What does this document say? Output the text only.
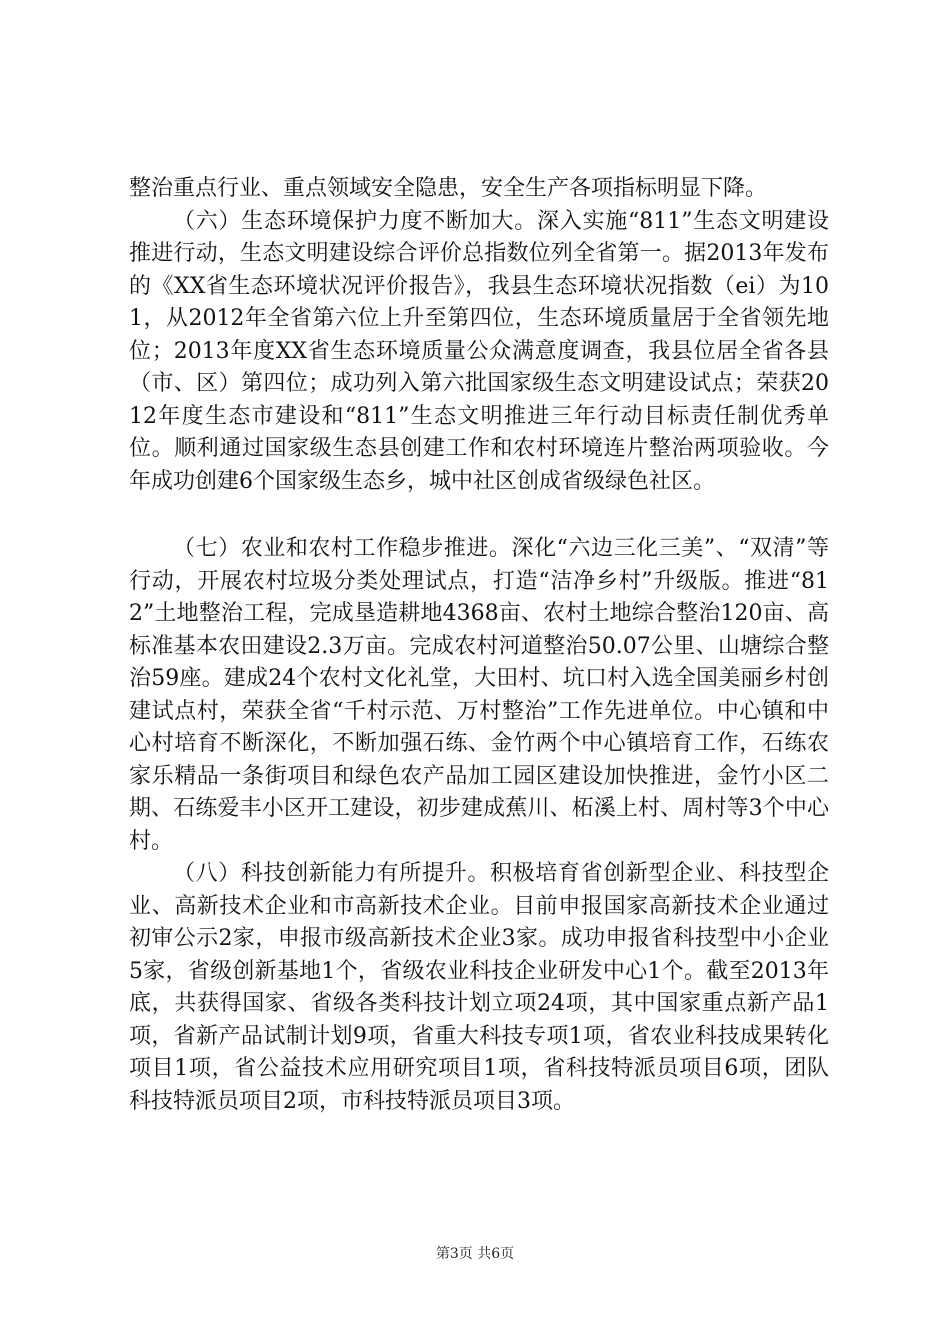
整治重点行业、重点领域安全隐患，安全生产各项指标明显下降。

（六）生态环境保护力度不断加大。深入实施“811”生态文明建设推进行动，生态文明建设综合评价总指数位列全省第一。据2013年发布的《XX省生态环境状况评价报告》，我县生态环境状况指数（ei）为101，从2012年全省第六位上升至第四位，生态环境质量居于全省领先地位；2013年度XX省生态环境质量公众满意度调查，我县位居全省各县（市、区）第四位；成功列入第六批国家级生态文明建设试点；荣获2012年度生态市建设和“811”生态文明推进三年行动目标责任制优秀单位。顺利通过国家级生态县创建工作和农村环境连片整治两项验收。今年成功创建6个国家级生态乡，城中社区创成省级绿色社区。

（七）农业和农村工作稳步推进。深化“六边三化三美”、“双清”等行动，开展农村垃圾分类处理试点，打造“洁净乡村”升级版。推进“812”土地整治工程，完成垦造耕地4368亩、农村土地综合整治120亩、高标准基本农田建设2.3万亩。完成农村河道整治50.07公里、山塘综合整治59座。建成24个农村文化礼堂，大田村、坑口村入选全国美丽乡村创建试点村，荣获全省“千村示范、万村整治”工作先进单位。中心镇和中心村培育不断深化，不断加强石练、金竹两个中心镇培育工作，石练农家乐精品一条街项目和绿色农产品加工园区建设加快推进，金竹小区二期、石练爱丰小区开工建设，初步建成蕉川、柘溪上村、周村等3个中心村。

（八）科技创新能力有所提升。积极培育省创新型企业、科技型企业、高新技术企业和市高新技术企业。目前申报国家高新技术企业通过初审公示2家，申报市级高新技术企业3家。成功申报省科技型中小企业5家，省级创新基地1个，省级农业科技企业研发中心1个。截至2013年底，共获得国家、省级各类科技计划立项24项，其中国家重点新产品1项，省新产品试制计划9项，省重大科技专项1项，省农业科技成果转化项目1项，省公益技术应用研究项目1项，省科技特派员项目6项，团队科技特派员项目2项，市科技特派员项目3项。

第3页 共6页
